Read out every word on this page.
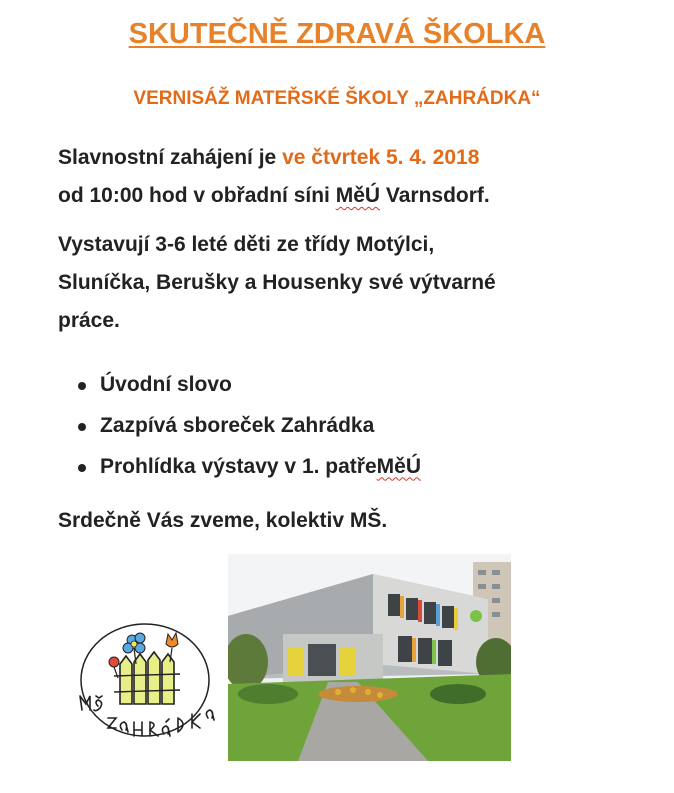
SKUTEČNĚ ZDRAVÁ ŠKOLKA
VERNISÁŽ MATEŘSKÉ ŠKOLY „ZAHRÁDKA“
Slavnostní zahájení je ve čtvrtek 5. 4. 2018
od 10:00 hod v obřadní síni MěÚ Varnsdorf.
Vystavují 3-6 leté děti ze třídy Motýlci,
Sluníčka, Berušky a Housenky své výtvarné
práce.
Úvodní slovo
Zazpívá sboreček Zahrádka
Prohlídka výstavy v 1. patře MěÚ
Srdečně Vás zveme, kolektiv MŠ.
